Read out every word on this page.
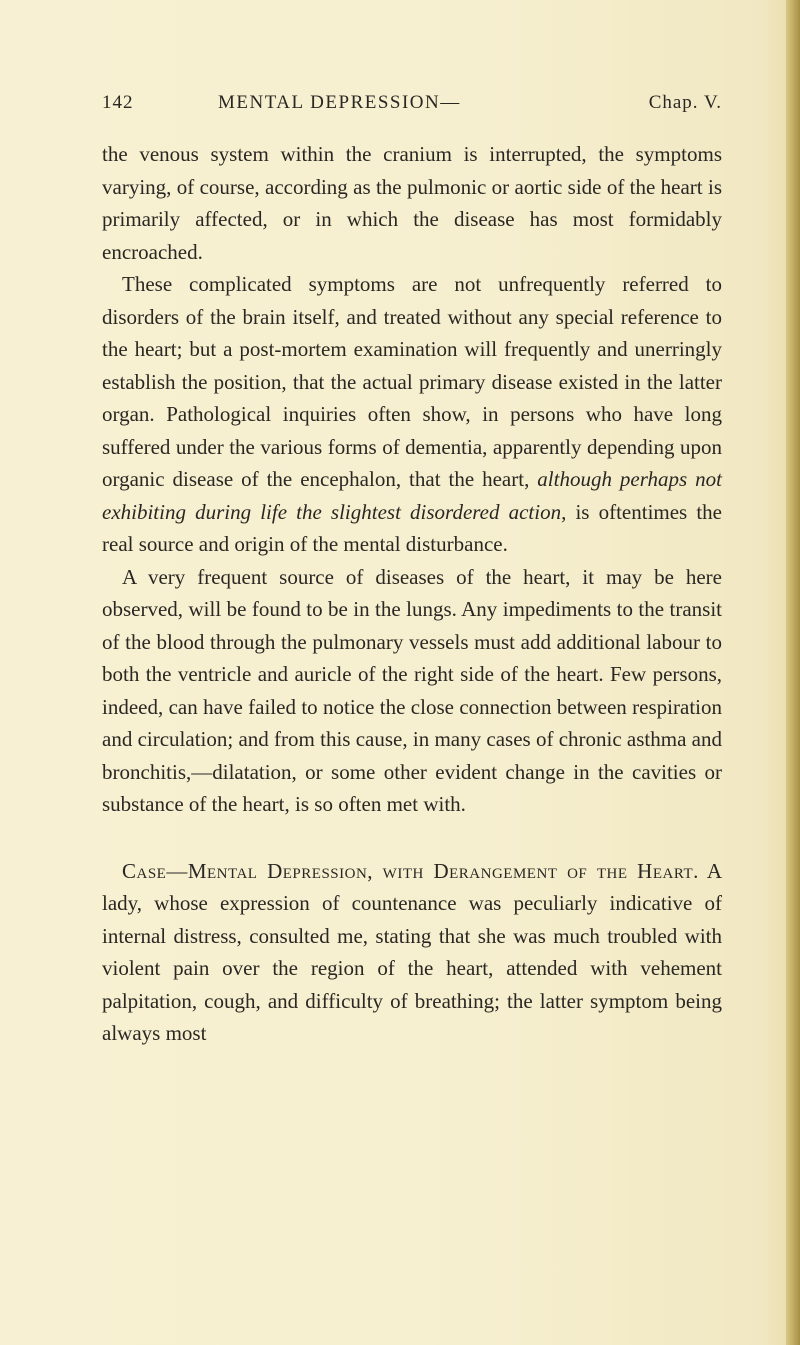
142	MENTAL DEPRESSION—	Chap. V.

the venous system within the cranium is interrupted, the symptoms varying, of course, according as the pulmonic or aortic side of the heart is primarily affected, or in which the disease has most formidably encroached.

These complicated symptoms are not unfrequently referred to disorders of the brain itself, and treated without any special reference to the heart; but a post-mortem examination will frequently and unerringly establish the position, that the actual primary disease existed in the latter organ. Pathological inquiries often show, in persons who have long suffered under the various forms of dementia, apparently depending upon organic disease of the encephalon, that the heart, although perhaps not exhibiting during life the slightest disordered action, is oftentimes the real source and origin of the mental disturbance.

A very frequent source of diseases of the heart, it may be here observed, will be found to be in the lungs. Any impediments to the transit of the blood through the pulmonary vessels must add additional labour to both the ventricle and auricle of the right side of the heart. Few persons, indeed, can have failed to notice the close connection between respiration and circulation; and from this cause, in many cases of chronic asthma and bronchitis,—dilatation, or some other evident change in the cavities or substance of the heart, is so often met with.

Case—Mental Depression, with Derangement of the Heart. A lady, whose expression of countenance was peculiarly indicative of internal distress, consulted me, stating that she was much troubled with violent pain over the region of the heart, attended with vehement palpitation, cough, and difficulty of breathing; the latter symptom being always most
